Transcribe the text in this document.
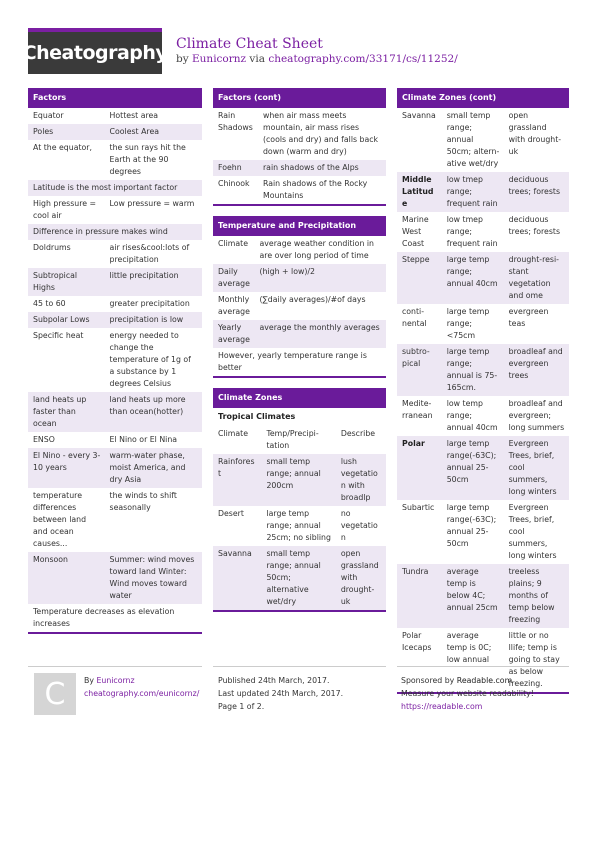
Cheatography Climate Cheat Sheet
by Eunicornz via cheatography.com/33171/cs/11252/
Factors
Equator	Hottest area
Poles	Coolest Area
At the equator,	the sun rays hit the Earth at the 90 degrees
Latitude is the most important factor	
High pressure = cool air	Low pressure = warm
Difference in pressure makes wind	
Doldrums	air rises&cool:lots of precipitation
Subtropical Highs	little precipitation
45 to 60	greater precipitation
Subpolar Lows	precipitation is low
Specific heat	energy needed to change the temperature of 1g of a substance by 1 degrees Celsius
land heats up faster than ocean	land heats up more than ocean(hotter)
ENSO	El Nino or El Nina
El Nino - every 3-10 years	warm-water phase, moist America, and dry Asia
temperature differences between land and ocean causes...	the winds to shift seasonally
Monsoon	Summer: wind moves toward land Winter: Wind moves toward water
Temperature decreases as elevation increases	
Factors (cont)
Rain Shadows	when air mass meets mountain, air mass rises (cools and dry) and falls back down (warm and dry)
Foehn	rain shadows of the Alps
Chinook	Rain shadows of the Rocky Mountains
Temperature and Precipitation
Climate	average weather condition in are over long period of time
Daily average	(high + low)/2
Monthly average	(∑daily averages)/#of days
Yearly average	average the monthly averages
However, yearly temperature range is better	
Climate Zones
Tropical Climates
Climate	Temp/Precipitation	Describe
Rainforest	small temp range; annual 200cm	lush vegetation with broadlp
Desert	large temp range; annual 25cm; no sibling	no vegetation
Savanna	small temp range; annual 50cm; alternative wet/dry	open grassland with drought-uk
Climate Zones (cont)
Savanna	small temp range; annual 50cm; alternative wet/dry	open grassland with drought-uk
Middle Latitude	low tmep range; frequent rain	deciduous trees; forests
Marine West Coast	low tmep range; frequent rain	deciduous trees; forests
Steppe	large temp range; annual 40cm	drought-resistant vegetation and ome
continental	large temp range;<75cm	evergreen teas
subtropical	large temp range; annual is 75-165cm.	broadleaf and evergreen trees
Mediterranean	low temp range; annual 40cm	broadleaf and evergreen; long summers
Polar	large temp range(-63C);annual 25-50cm	Evergreen Trees, brief, cool summers, long winters
Subartic	large temp range(-63C);annual 25-50cm	Evergreen Trees, brief, cool summers, long winters
Tundra	average temp is below 4C; annual 25cm	treeless plains; 9 months of temp below freezing
Polar Icecaps	average temp is 0C; low annual	little or no llife; temp is going to stay as below freezing.
C By Eunicornz
cheatography.com/eunicornz/
Published 24th March, 2017.
Last updated 24th March, 2017.
Page 1 of 2.
Sponsored by Readable.com
Measure your website readability!
https://readable.com
